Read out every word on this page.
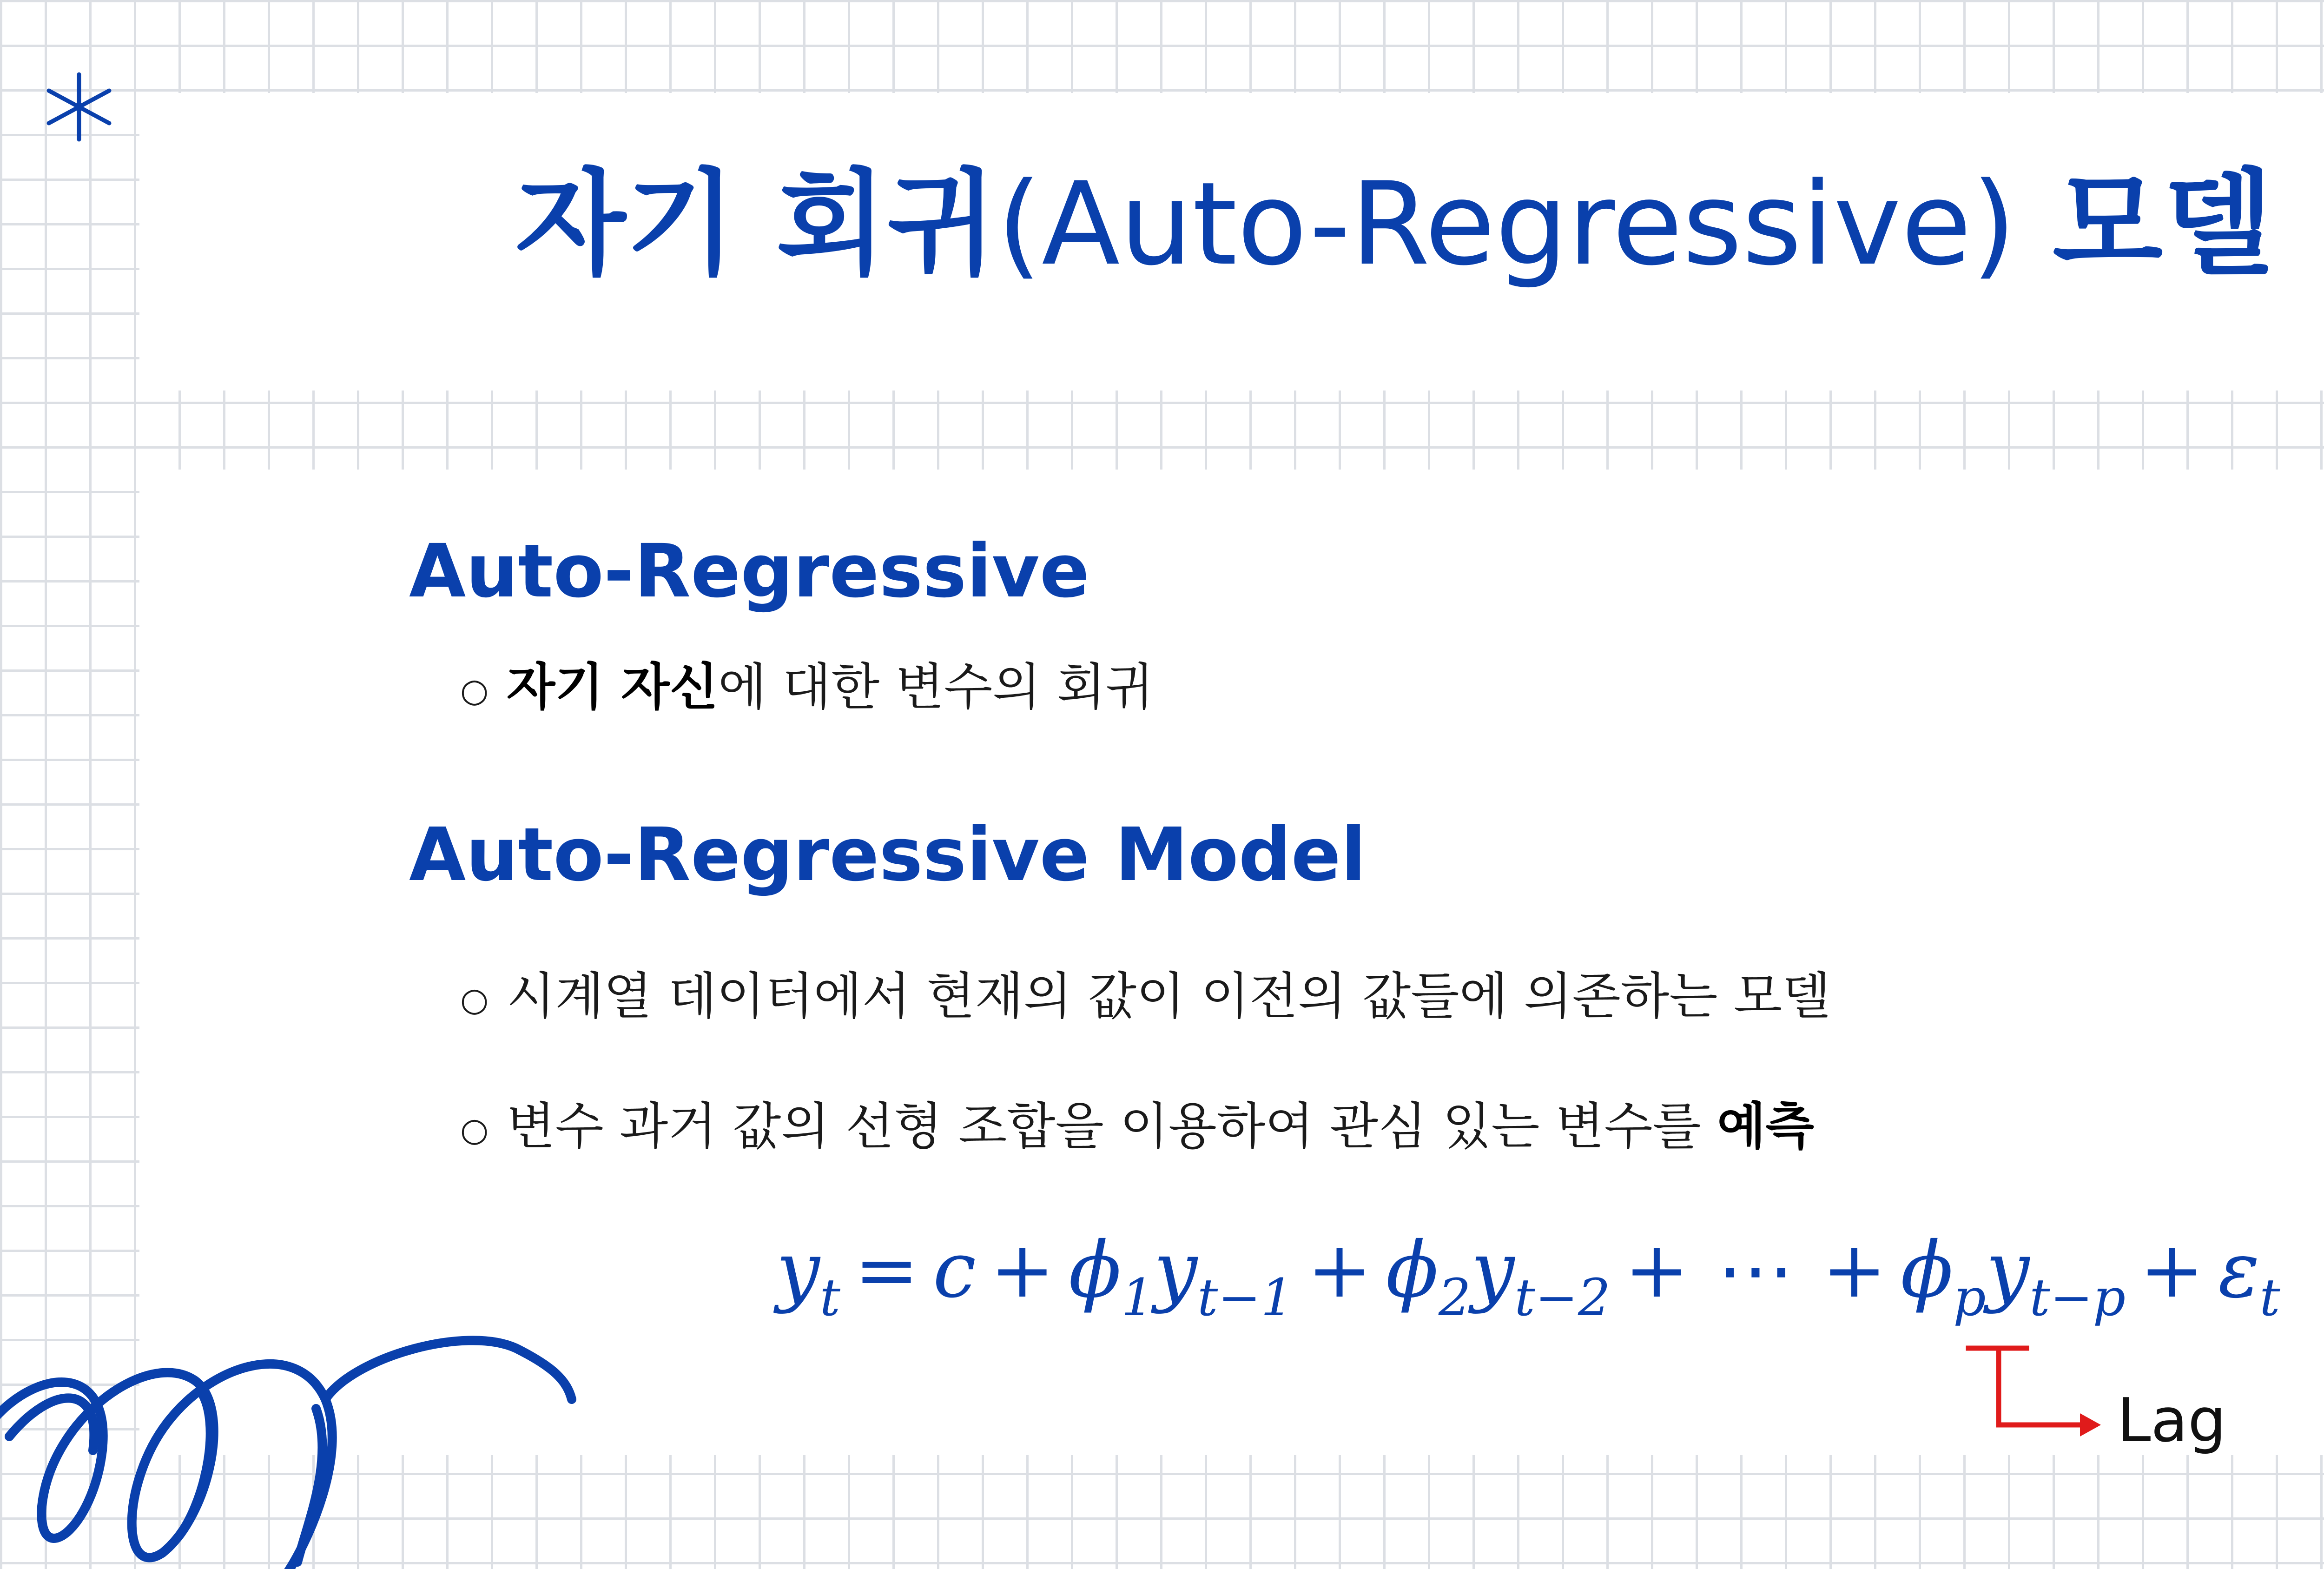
자기 회귀(Auto-Regressive) 모델
Auto-Regressive
○ 자기 자신에 대한 변수의 회귀
Auto-Regressive Model
○ 시계열 데이터에서 현재의 값이 이전의 값들에 의존하는 모델
○ 변수 과거 값의 선형 조합을 이용하여 관심 있는 변수를 예측
$y_t = c + \phi_1y_{t-1} + \phi_2y_{t-2}$ + ⋯ + $\phi_py_{t-p} + \varepsilon_t$
Lag
